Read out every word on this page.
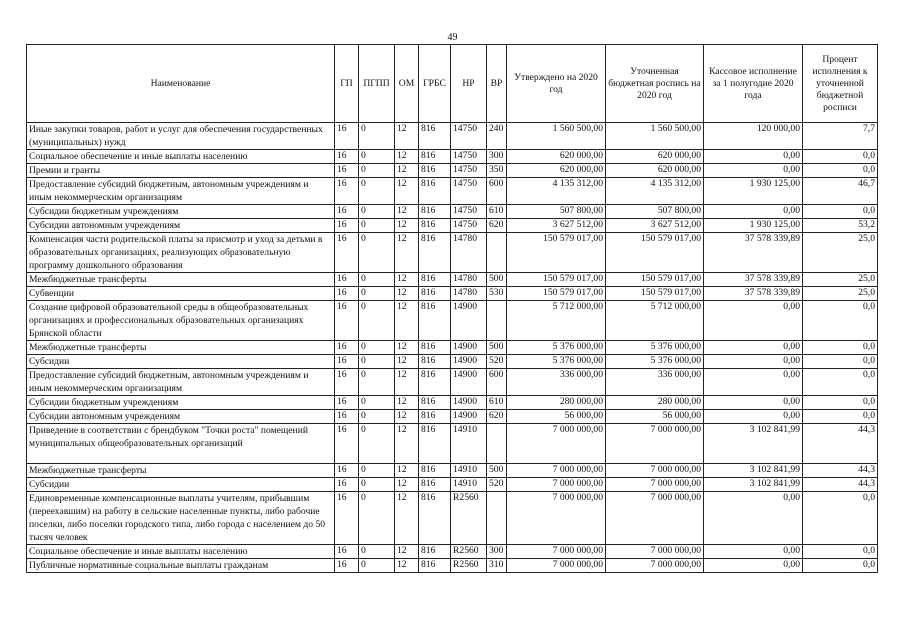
49
Наименование	ГП	ПГПП	ОМ	ГРБС	НР	ВР	Утверждено на 2020 год	Уточненная бюджетная роспись на 2020 год	Кассовое исполнение за 1 полугодие 2020 года	Процент исполнения к уточненной бюджетной росписи
Иные закупки товаров, работ и услуг для обеспечения государственных (муниципальных) нужд	16	0	12	816	14750	240	1 560 500,00	1 560 500,00	120 000,00	7,7
Социальное обеспечение и иные выплаты населению	16	0	12	816	14750	300	620 000,00	620 000,00	0,00	0,0
Премии и гранты	16	0	12	816	14750	350	620 000,00	620 000,00	0,00	0,0
Предоставление субсидий бюджетным, автономным учреждениям и иным некоммерческим организациям	16	0	12	816	14750	600	4 135 312,00	4 135 312,00	1 930 125,00	46,7
Субсидии бюджетным учреждениям	16	0	12	816	14750	610	507 800,00	507 800,00	0,00	0,0
Субсидии автономным учреждениям	16	0	12	816	14750	620	3 627 512,00	3 627 512,00	1 930 125,00	53,2
Компенсация части родительской платы за присмотр и уход за детьми в образовательных организациях, реализующих образовательную программу дошкольного образования	16	0	12	816	14780		150 579 017,00	150 579 017,00	37 578 339,89	25,0
Межбюджетные трансферты	16	0	12	816	14780	500	150 579 017,00	150 579 017,00	37 578 339,89	25,0
Субвенции	16	0	12	816	14780	530	150 579 017,00	150 579 017,00	37 578 339,89	25,0
Создание цифровой образовательной среды в общеобразовательных организациях и профессиональных образовательных организациях Брянской области	16	0	12	816	14900		5 712 000,00	5 712 000,00	0,00	0,0
Межбюджетные трансферты	16	0	12	816	14900	500	5 376 000,00	5 376 000,00	0,00	0,0
Субсидии	16	0	12	816	14900	520	5 376 000,00	5 376 000,00	0,00	0,0
Предоставление субсидий бюджетным, автономным учреждениям и иным некоммерческим организациям	16	0	12	816	14900	600	336 000,00	336 000,00	0,00	0,0
Субсидии бюджетным учреждениям	16	0	12	816	14900	610	280 000,00	280 000,00	0,00	0,0
Субсидии автономным учреждениям	16	0	12	816	14900	620	56 000,00	56 000,00	0,00	0,0
Приведение в соответствии с брендбуком "Точки роста" помещений муниципальных общеобразовательных организаций	16	0	12	816	14910		7 000 000,00	7 000 000,00	3 102 841,99	44,3
Межбюджетные трансферты	16	0	12	816	14910	500	7 000 000,00	7 000 000,00	3 102 841,99	44,3
Субсидии	16	0	12	816	14910	520	7 000 000,00	7 000 000,00	3 102 841,99	44,3
Единовременные компенсационные выплаты учителям, прибывшим (переехавшим) на работу в сельские населенные пункты, либо рабочие поселки, либо поселки городского типа, либо города с населением до 50 тысяч человек	16	0	12	816	R2560		7 000 000,00	7 000 000,00	0,00	0,0
Социальное обеспечение и иные выплаты населению	16	0	12	816	R2560	300	7 000 000,00	7 000 000,00	0,00	0,0
Публичные нормативные социальные выплаты гражданам	16	0	12	816	R2560	310	7 000 000,00	7 000 000,00	0,00	0,0
